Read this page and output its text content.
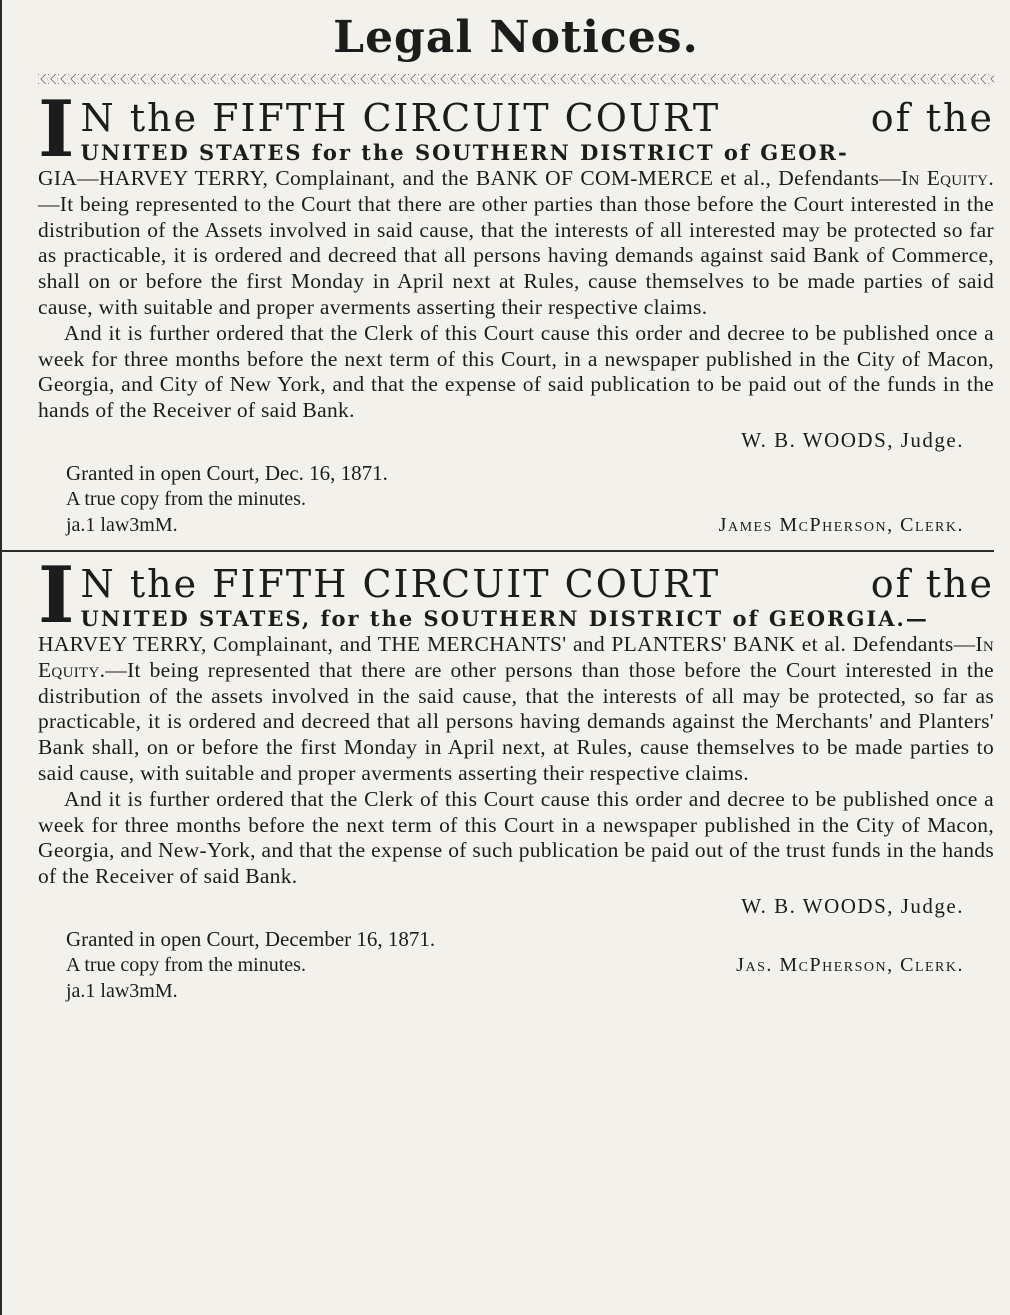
Legal Notices.
I N the FIFTH CIRCUIT COURT	of the
UNITED STATES for the SOUTHERN DISTRICT of GEOR-

GIA—HARVEY TERRY, Complainant, and the BANK OF COM-MERCE et al., Defendants—In Equity.—It being represented to the Court that there are other parties than those before the Court interested in the distribution of the Assets involved in said cause, that the interests of all interested may be protected so far as practicable, it is ordered and decreed that all persons having demands against said Bank of Commerce, shall on or before the first Monday in April next at Rules, cause themselves to be made parties of said cause, with suitable and proper averments asserting their respective claims.

And it is further ordered that the Clerk of this Court cause this order and decree to be published once a week for three months before the next term of this Court, in a newspaper published in the City of Macon, Georgia, and City of New York, and that the expense of said publication to be paid out of the funds in the hands of the Receiver of said Bank.

W. B. WOODS, Judge.
Granted in open Court, Dec. 16, 1871.
A true copy from the minutes.
ja.1 law3mM.	James McPherson, Clerk.
I N the FIFTH CIRCUIT COURT	of the
UNITED STATES, for the SOUTHERN DISTRICT of GEORGIA.—

HARVEY TERRY, Complainant, and THE MERCHANTS' and PLANTERS' BANK et al. Defendants—In Equity.—It being represented that there are other persons than those before the Court interested in the distribution of the assets involved in the said cause, that the interests of all may be protected, so far as practicable, it is ordered and decreed that all persons having demands against the Merchants' and Planters' Bank shall, on or before the first Monday in April next, at Rules, cause themselves to be made parties to said cause, with suitable and proper averments asserting their respective claims.

And it is further ordered that the Clerk of this Court cause this order and decree to be published once a week for three months before the next term of this Court in a newspaper published in the City of Macon, Georgia, and New-York, and that the expense of such publication be paid out of the trust funds in the hands of the Receiver of said Bank.

W. B. WOODS, Judge.
Granted in open Court, December 16, 1871.
A true copy from the minutes.	Jas. McPherson, Clerk.
ja.1 law3mM.
